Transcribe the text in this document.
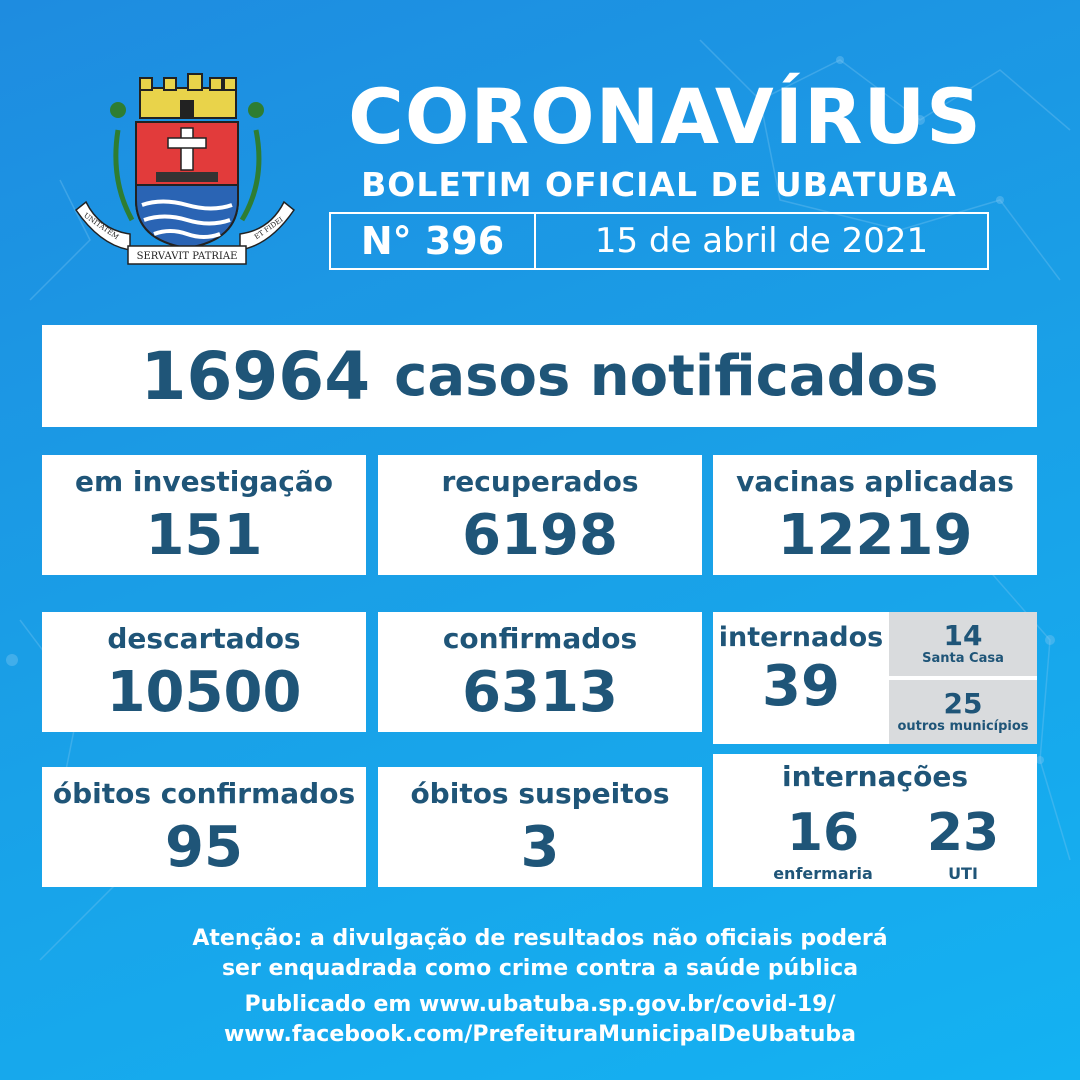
SERVAVIT PATRIAE
UNITATEM	ET FIDEI
CORONAVÍRUS
BOLETIM OFICIAL DE UBATUBA
N° 396	15 de abril de 2021
16964 casos notificados
em investigação
151
recuperados
6198
vacinas aplicadas
12219
descartados
10500
confirmados
6313
internados
39
14
Santa Casa
25
outros municípios
óbitos confirmados
95
óbitos suspeitos
3
internações
16
enfermaria
23
UTI
Atenção: a divulgação de resultados não oficiais poderá
ser enquadrada como crime contra a saúde pública
Publicado em www.ubatuba.sp.gov.br/covid-19/
www.facebook.com/PrefeituraMunicipalDeUbatuba
